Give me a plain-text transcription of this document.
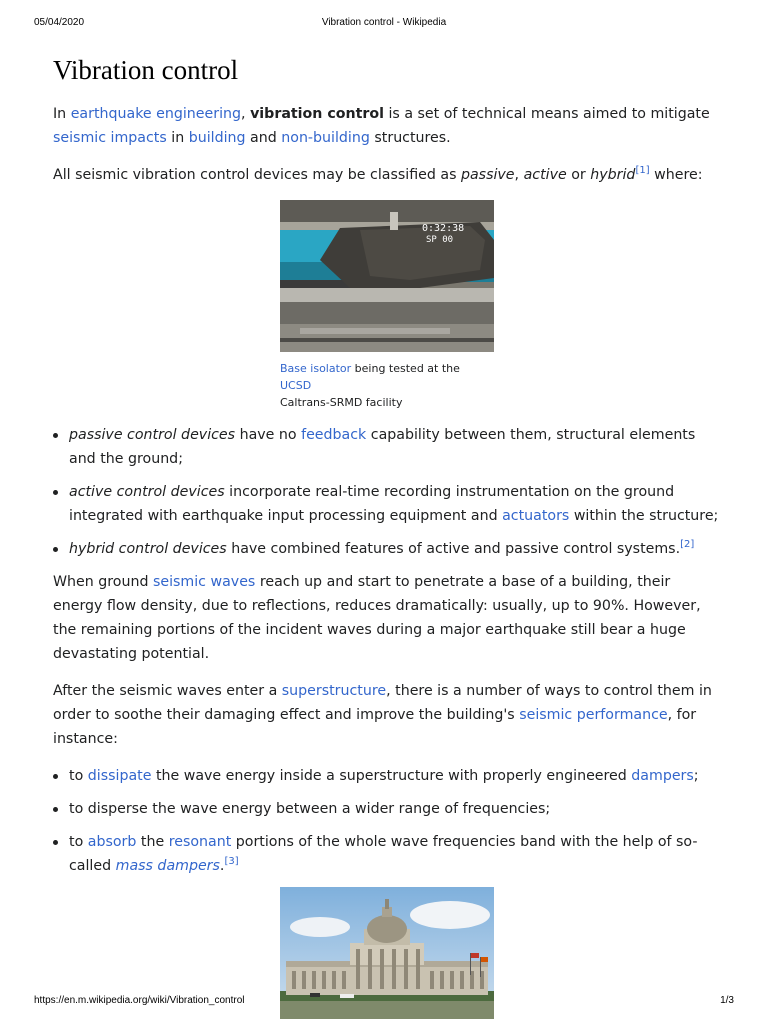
05/04/2020	Vibration control - Wikipedia
Vibration control

In earthquake engineering, vibration control is a set of technical means aimed to mitigate seismic impacts in building and non-building structures.

All seismic vibration control devices may be classified as passive, active or hybrid[1] where:

0:32:38
SP 00
Base isolator being tested at the UCSD
Caltrans-SRMD facility
passive control devices have no feedback capability between them, structural elements and the ground;
active control devices incorporate real-time recording instrumentation on the ground integrated with earthquake input processing equipment and actuators within the structure;
hybrid control devices have combined features of active and passive control systems.[2]

When ground seismic waves reach up and start to penetrate a base of a building, their energy flow density, due to reflections, reduces dramatically: usually, up to 90%. However, the remaining portions of the incident waves during a major earthquake still bear a huge devastating potential.

After the seismic waves enter a superstructure, there is a number of ways to control them in order to soothe their damaging effect and improve the building's seismic performance, for instance:

to dissipate the wave energy inside a superstructure with properly engineered dampers;
to disperse the wave energy between a wider range of frequencies;
to absorb the resonant portions of the whole wave frequencies band with the help of so-called mass dampers.[3]
https://en.m.wikipedia.org/wiki/Vibration_control	1/3
